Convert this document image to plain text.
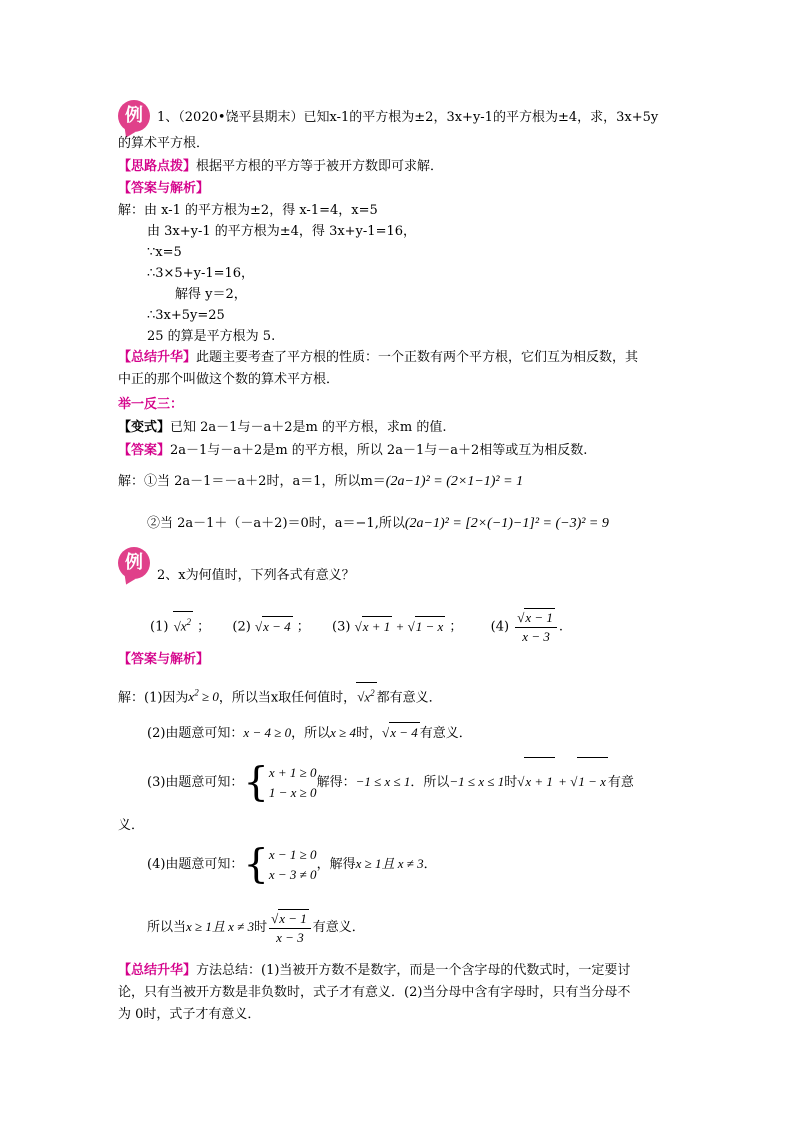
例	1、（2020•饶平县期末）已知x-1的平方根为±2，3x+y-1的平方根为±4，求，3x+5y
的算术平方根．
【思路点拨】根据平方根的平方等于被开方数即可求解．
【答案与解析】
解：由 x-1 的平方根为±2，得 x-1=4，x=5
由 3x+y-1 的平方根为±4，得 3x+y-1=16，
∵x=5
∴3×5+y-1=16，
解得 y＝2，
∴3x+5y=25
25 的算是平方根为 5.
【总结升华】此题主要考查了平方根的性质：一个正数有两个平方根，它们互为相反数，其
中正的那个叫做这个数的算术平方根．
举一反三：
【变式】已知 2a－1与－a＋2是m 的平方根，求m 的值.
【答案】2a－1与－a＋2是m 的平方根，所以 2a－1与－a＋2相等或互为相反数.
解：①当 2a－1＝－a＋2时，a＝1，所以m＝(2a−1)² = (2×1−1)² = 1
②当 2a－1＋（－a＋2)＝0时，a＝−1,所以(2a−1)² = [2×(−1)−1]² = (−3)² = 9
例
2、x为何值时，下列各式有意义？
(1) √ $x^2$ ；  (2) √x − 4 ；  (3) √x + 1 + √1 − x ；  $(4) \frac{√x - 1}{x - 3}$ .
【答案与解析】
解：(1)因为$x^2 \ge 0$，所以当x取任何值时， √ $x^2$ 都有意义．
(2)由题意可知：x − 4 ≥ 0，所以x ≥ 4时，√x − 4 有意义．
(3)由题意可知：{x + 1 ≥ 0
1 − x ≥ 0解得：−1 ≤ x ≤ 1．所以−1 ≤ x ≤ 1时√x + 1 + √1 − x 有意
义．
(4)由题意可知：{x − 1 ≥ 0
x − 3 ≠ 0，解得x ≥ 1且 x ≠ 3．
所以当x ≥ 1且 x ≠ 3时 $\frac{√x - 1}{x - 3}$ 有意义．
【总结升华】方法总结：(1)当被开方数不是数字，而是一个含字母的代数式时，一定要讨
论，只有当被开方数是非负数时，式子才有意义．(2)当分母中含有字母时，只有当分母不
为 0时，式子才有意义．
